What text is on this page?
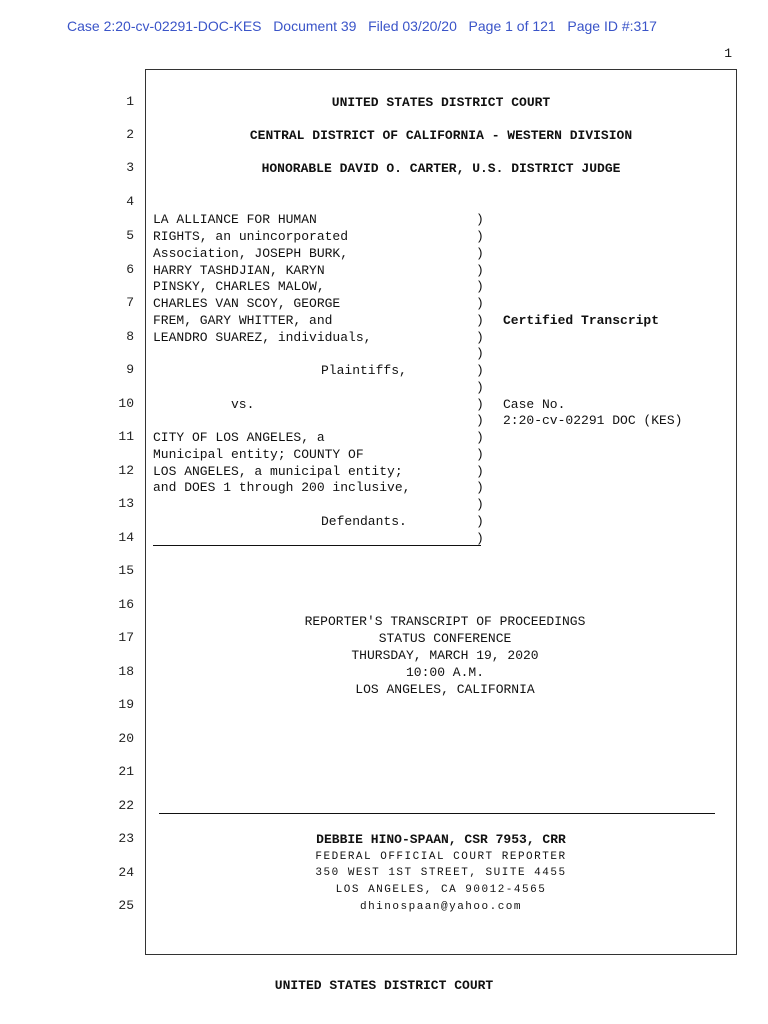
Case 2:20-cv-02291-DOC-KES   Document 39   Filed 03/20/20   Page 1 of 121   Page ID #:317
1
1
2
3
4
5
6
7
8
9
10
11
12
13
14
15
16
17
18
19
20
21
22
23
24
25
UNITED STATES DISTRICT COURT
CENTRAL DISTRICT OF CALIFORNIA - WESTERN DIVISION
HONORABLE DAVID O. CARTER, U.S. DISTRICT JUDGE
LA ALLIANCE FOR HUMAN
RIGHTS, an unincorporated
Association, JOSEPH BURK,
HARRY TASHDJIAN, KARYN
PINSKY, CHARLES MALOW,
CHARLES VAN SCOY, GEORGE
FREM, GARY WHITTER, and
LEANDRO SUAREZ, individuals,
Plaintiffs,
vs.
CITY OF LOS ANGELES, a
Municipal entity; COUNTY OF
LOS ANGELES, a municipal entity;
and DOES 1 through 200 inclusive,
Defendants.
)
)
)
)
)
)
)
)
)
)
)
)
)
)
)
)
)
)
)
)
Certified Transcript
Case No.
2:20-cv-02291 DOC (KES)
REPORTER'S TRANSCRIPT OF PROCEEDINGS
STATUS CONFERENCE
THURSDAY, MARCH 19, 2020
10:00 A.M.
LOS ANGELES, CALIFORNIA
DEBBIE HINO-SPAAN, CSR 7953, CRR
FEDERAL OFFICIAL COURT REPORTER
350 WEST 1ST STREET, SUITE 4455
LOS ANGELES, CA 90012-4565
dhinospaan@yahoo.com
UNITED STATES DISTRICT COURT
